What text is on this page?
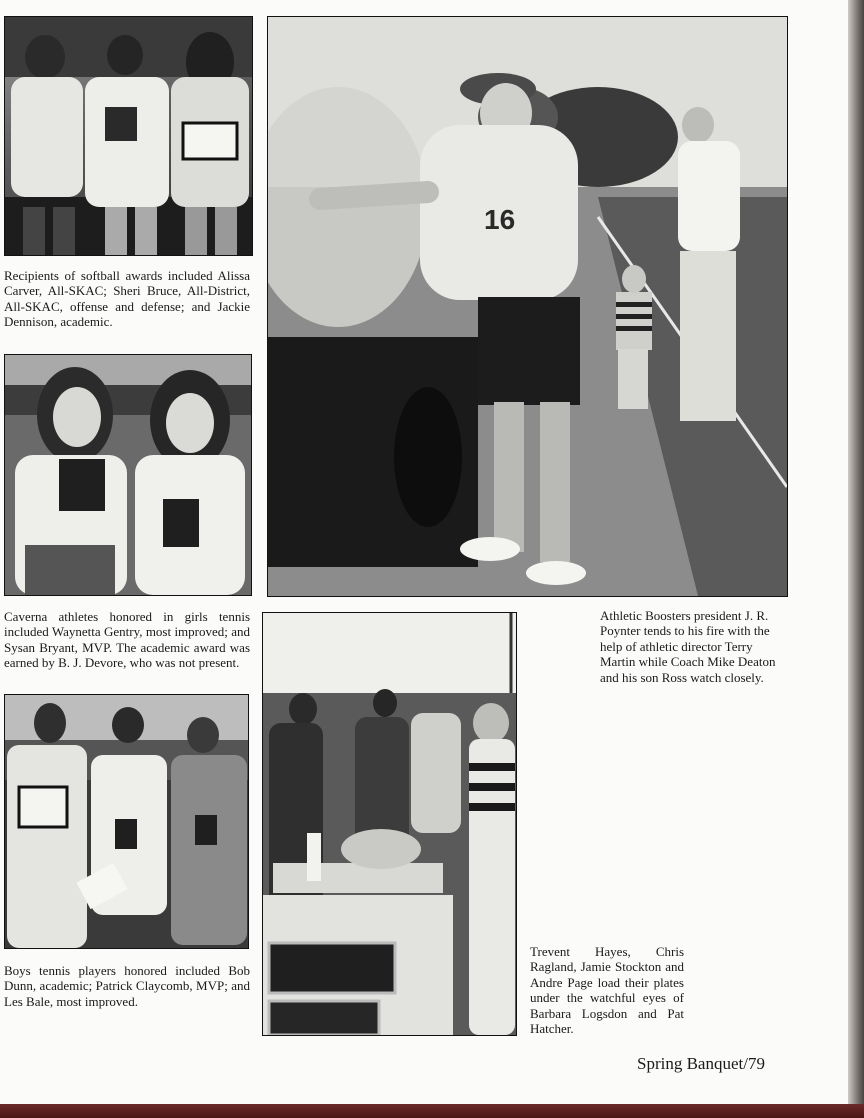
Recipients of softball awards included Alissa Carver, All-SKAC; Sheri Bruce, All-District, All-SKAC, offense and defense; and Jackie Dennison, academic.

Caverna athletes honored in girls tennis included Waynetta Gentry, most improved; and Sysan Bryant, MVP. The academic award was earned by B. J. Devore, who was not present.

Boys tennis players honored included Bob Dunn, academic; Patrick Claycomb, MVP; and Les Bale, most improved.

16

Athletic Boosters president J. R. Poynter tends to his fire with the help of athletic director Terry Martin while Coach Mike Deaton and his son Ross watch closely.

Trevent Hayes, Chris Ragland, Jamie Stockton and Andre Page load their plates under the watchful eyes of Barbara Logsdon and Pat Hatcher.

Spring Banquet/79
